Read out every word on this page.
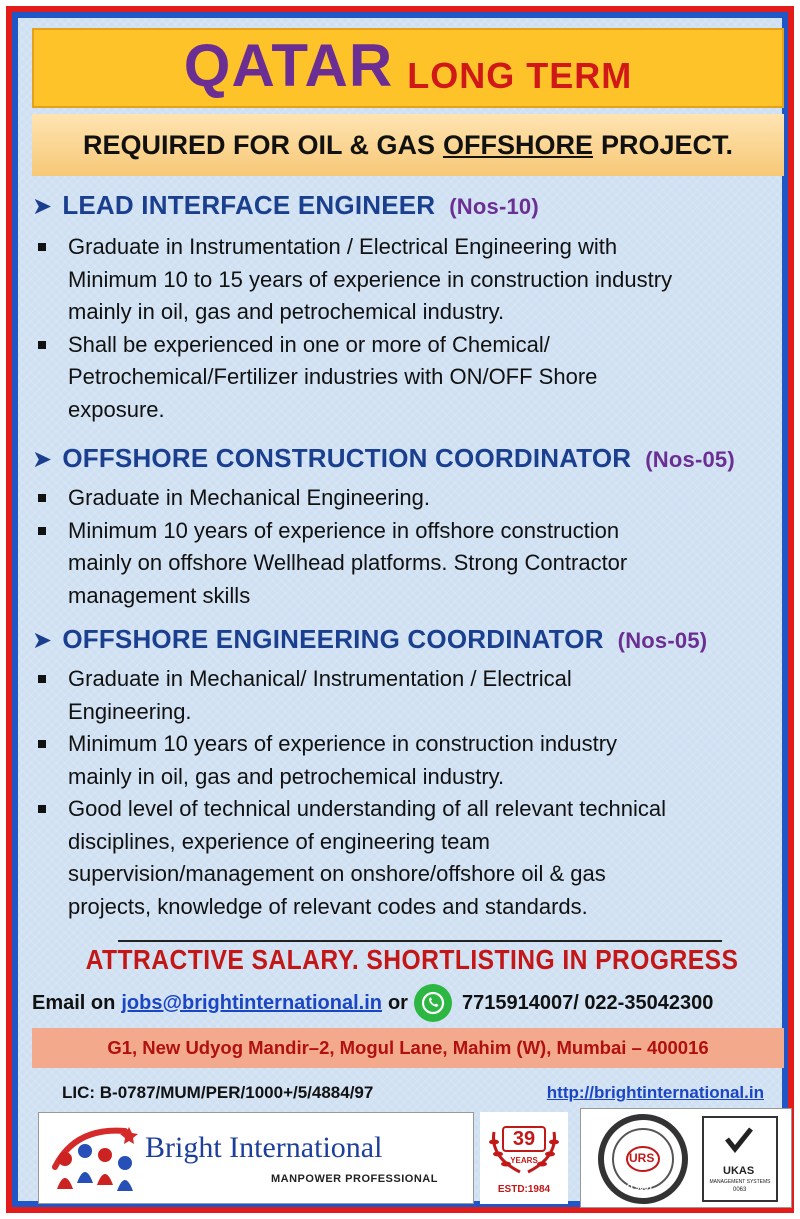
QATAR LONG TERM
REQUIRED FOR OIL & GAS OFFSHORE PROJECT.
➤ LEAD INTERFACE ENGINEER (Nos-10)
Graduate in Instrumentation / Electrical Engineering with
Minimum 10 to 15 years of experience in construction industry
mainly in oil, gas and petrochemical industry.
Shall be experienced in one or more of Chemical/
Petrochemical/Fertilizer industries with ON/OFF Shore
exposure.
➤ OFFSHORE CONSTRUCTION COORDINATOR (Nos-05)
Graduate in Mechanical Engineering.
Minimum 10 years of experience in offshore construction
mainly on offshore Wellhead platforms. Strong Contractor
management skills
➤ OFFSHORE ENGINEERING COORDINATOR (Nos-05)
Graduate in Mechanical/ Instrumentation / Electrical
Engineering.
Minimum 10 years of experience in construction industry
mainly in oil, gas and petrochemical industry.
Good level of technical understanding of all relevant technical
disciplines, experience of engineering team
supervision/management on onshore/offshore oil & gas
projects, knowledge of relevant codes and standards.
ATTRACTIVE SALARY. SHORTLISTING IN PROGRESS
Email on jobs@brightinternational.in or	7715914007/ 022-35042300
G1, New Udyog Mandir–2, Mogul Lane, Mahim (W), Mumbai – 400016
LIC: B-0787/MUM/PER/1000+/5/4884/97	http://brightinternational.in
Bright International
MANPOWER PROFESSIONAL
39
YEARS
ESTD:1984
URS
ISO 9001
UKAS
MANAGEMENT SYSTEMS
0063
